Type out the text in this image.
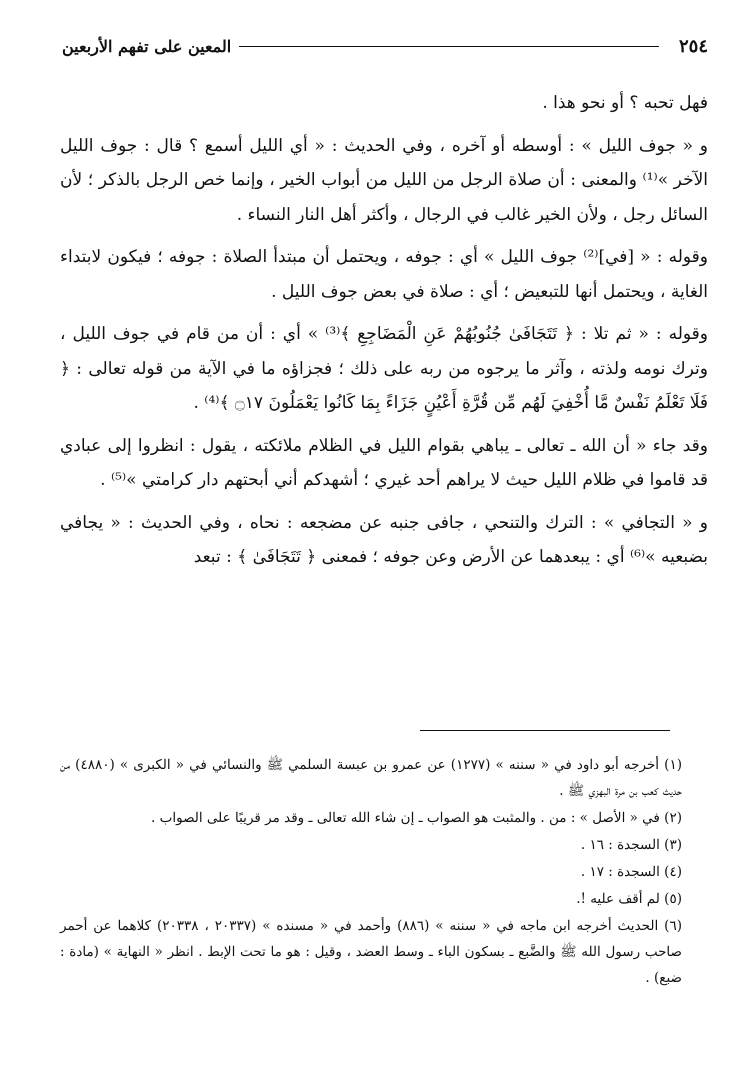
٢٥٤
المعين على تفهم الأربعين

فهل تحبه ؟ أو نحو هذا .

و « جوف الليل » : أوسطه أو آخره ، وفي الحديث : « أي الليل أسمع ؟ قال : جوف الليل الآخر »⁽¹⁾ والمعنى : أن صلاة الرجل من الليل من أبواب الخير ، وإنما خص الرجل بالذكر ؛ لأن السائل رجل ، ولأن الخير غالب في الرجال ، وأكثر أهل النار النساء .

وقوله : « [في]⁽²⁾ جوف الليل » أي : جوفه ، ويحتمل أن مبتدأ الصلاة : جوفه ؛ فيكون لابتداء الغاية ، ويحتمل أنها للتبعيض ؛ أي : صلاة في بعض جوف الليل .

وقوله : « ثم تلا : ﴿ تَتَجَافَىٰ جُنُوبُهُمْ عَنِ الْمَضَاجِعِ ﴾⁽³⁾ » أي : أن من قام في جوف الليل ، وترك نومه ولذته ، وآثر ما يرجوه من ربه على ذلك ؛ فجزاؤه ما في الآية من قوله تعالى : ﴿ فَلَا تَعْلَمُ نَفْسٌ مَّا أُخْفِيَ لَهُم مِّن قُرَّةِ أَعْيُنٍ جَزَاءً بِمَا كَانُوا يَعْمَلُونَ ۝١٧ ﴾⁽⁴⁾ .

وقد جاء « أن الله ـ تعالى ـ يباهي بقوام الليل في الظلام ملائكته ، يقول : انظروا إلى عبادي قد قاموا في ظلام الليل حيث لا يراهم أحد غيري ؛ أشهدكم أني أبحتهم دار كرامتي »⁽⁵⁾ .

و « التجافي » : الترك والتنحي ، جافى جنبه عن مضجعه : نحاه ، وفي الحديث : « يجافي بضبعيه »⁽⁶⁾ أي : يبعدهما عن الأرض وعن جوفه ؛ فمعنى ﴿ تَتَجَافَىٰ ﴾ : تبعد

(١) أخرجه أبو داود في « سننه » (١٢٧٧) عن عمرو بن عبسة السلمي ﷺ والنسائي في « الكبرى » (٤٨٨٠) من حديث كعب بن مرة البهزي ﷺ .

(٢) في « الأصل » : من . والمثبت هو الصواب ـ إن شاء الله تعالى ـ وقد مر قريبًا على الصواب .

(٣) السجدة : ١٦ .

(٤) السجدة : ١٧ .

(٥) لم أقف عليه !.

(٦) الحديث أخرجه ابن ماجه في « سننه » (٨٨٦) وأحمد في « مسنده » (٢٠٣٣٧ ، ٢٠٣٣٨) كلاهما عن أحمر صاحب رسول الله ﷺ والضَّبع ـ بسكون الباء ـ وسط العضد ، وقيل : هو ما تحت الإبط . انظر « النهاية » (مادة : ضبع) .
